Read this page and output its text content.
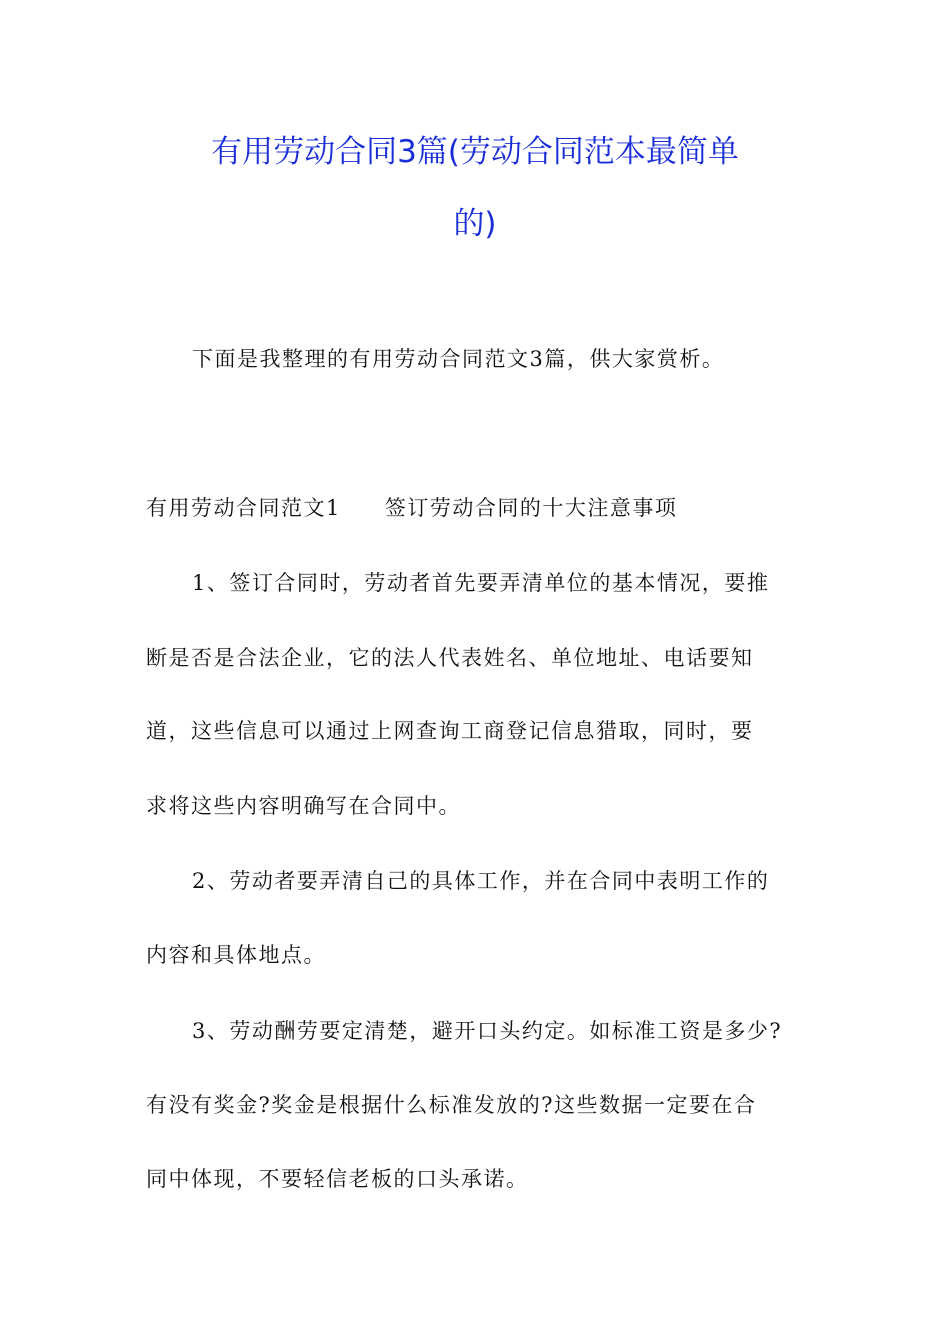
有用劳动合同3篇(劳动合同范本最简单
的)
下面是我整理的有用劳动合同范文3篇，供大家赏析。
有用劳动合同范文1 签订劳动合同的十大注意事项
1、签订合同时，劳动者首先要弄清单位的基本情况，要推
断是否是合法企业，它的法人代表姓名、单位地址、电话要知
道，这些信息可以通过上网查询工商登记信息猎取，同时，要
求将这些内容明确写在合同中。
2、劳动者要弄清自己的具体工作，并在合同中表明工作的
内容和具体地点。
3、劳动酬劳要定清楚，避开口头约定。如标准工资是多少?
有没有奖金?奖金是根据什么标准发放的?这些数据一定要在合
同中体现，不要轻信老板的口头承诺。
